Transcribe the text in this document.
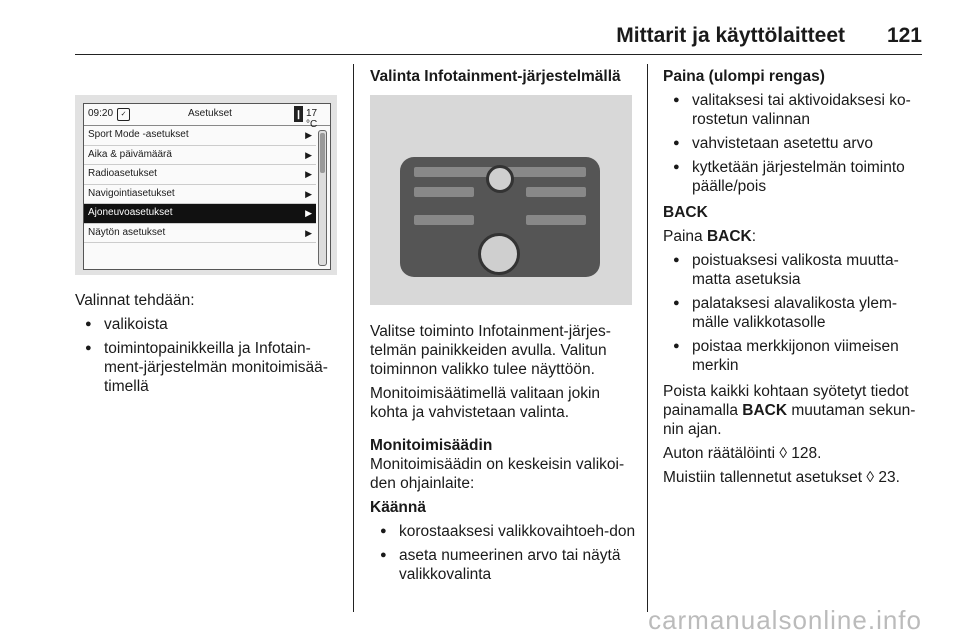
Mittarit ja käyttölaitteet 121
09:20	✓	Asetukset	❙ 17 °C
Sport Mode -asetukset	▶
Aika & päivämäärä	▶
Radioasetukset	▶
Navigointiasetukset	▶
Ajoneuvoasetukset	▶
Näytön asetukset	▶

Valinnat tehdään:

● valikoista
● toimintopainikkeilla ja Infotain-ment-järjestelmän monitoimisää-timellä

Valinta Infotainment-järjestelmällä

Valitse toiminto Infotainment-järjes-telmän painikkeiden avulla. Valitun toiminnon valikko tulee näyttöön.

Monitoimisäätimellä valitaan jokin kohta ja vahvistetaan valinta.

Monitoimisäädin

Monitoimisäädin on keskeisin valikoi-den ohjainlaite:

Käännä

● korostaaksesi valikkovaihtoeh-don
● aseta numeerinen arvo tai näytä valikkovalinta

Paina (ulompi rengas)

● valitaksesi tai aktivoidaksesi ko-rostetun valinnan
● vahvistetaan asetettu arvo
● kytketään järjestelmän toiminto päälle/pois

BACK

Paina BACK:

● poistuaksesi valikosta muutta-matta asetuksia
● palataksesi alavalikosta ylem-mälle valikkotasolle
● poistaa merkkijonon viimeisen merkin

Poista kaikki kohtaan syötetyt tiedot painamalla BACK muutaman sekun-nin ajan.

Auton räätälöinti ◊ 128.

Muistiin tallennetut asetukset ◊ 23.

carmanualsonline.info
